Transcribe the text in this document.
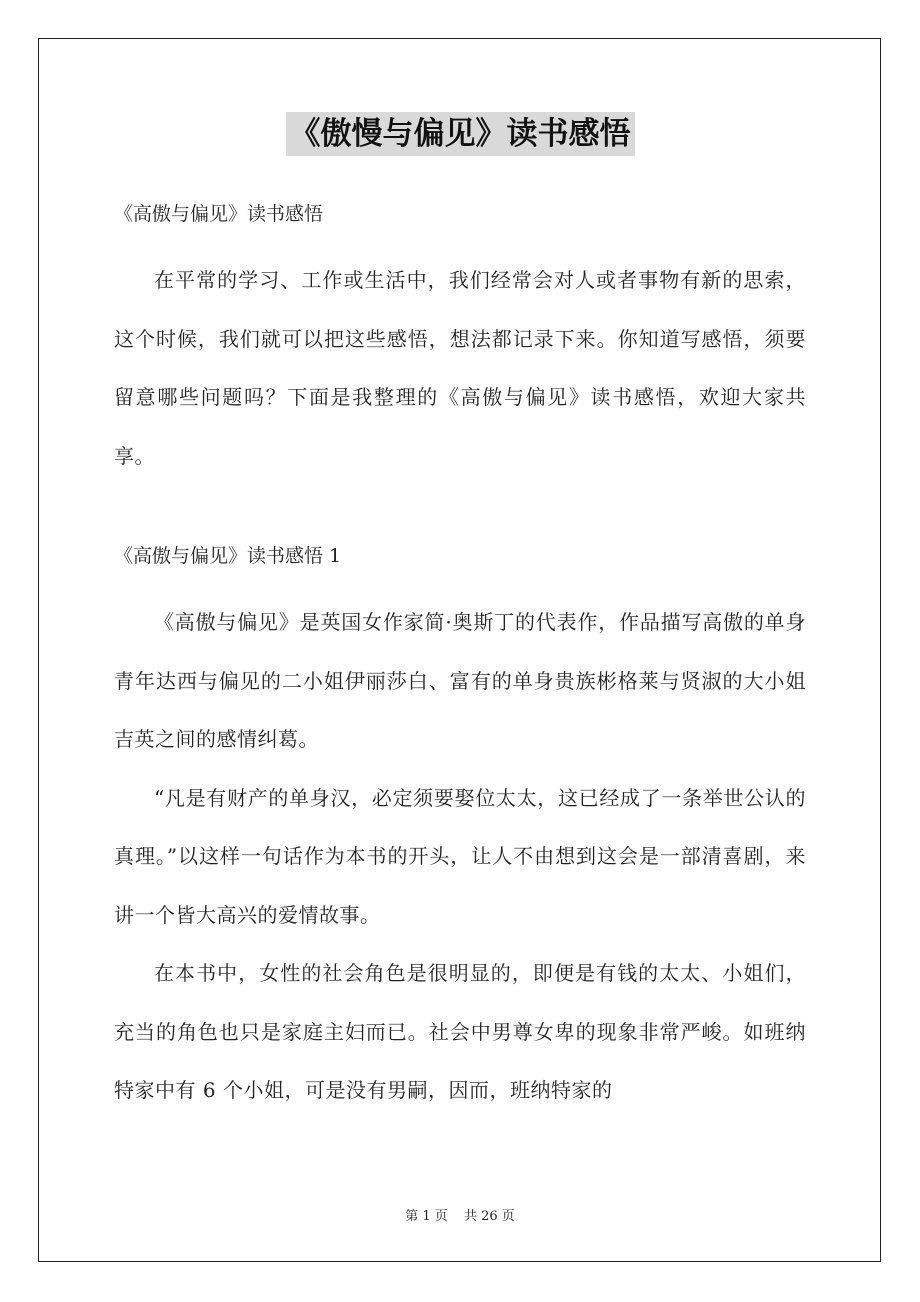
《傲慢与偏见》读书感悟

《高傲与偏见》读书感悟

在平常的学习、工作或生活中，我们经常会对人或者事物有新的思索，这个时候，我们就可以把这些感悟，想法都记录下来。你知道写感悟，须要留意哪些问题吗？下面是我整理的《高傲与偏见》读书感悟，欢迎大家共享。

《高傲与偏见》读书感悟 1

《高傲与偏见》是英国女作家简·奥斯丁的代表作，作品描写高傲的单身青年达西与偏见的二小姐伊丽莎白、富有的单身贵族彬格莱与贤淑的大小姐吉英之间的感情纠葛。

“凡是有财产的单身汉，必定须要娶位太太，这已经成了一条举世公认的真理。”以这样一句话作为本书的开头，让人不由想到这会是一部清喜剧，来讲一个皆大高兴的爱情故事。

在本书中，女性的社会角色是很明显的，即便是有钱的太太、小姐们，充当的角色也只是家庭主妇而已。社会中男尊女卑的现象非常严峻。如班纳特家中有 6 个小姐，可是没有男嗣，因而，班纳特家的

第 1 页 共 26 页
